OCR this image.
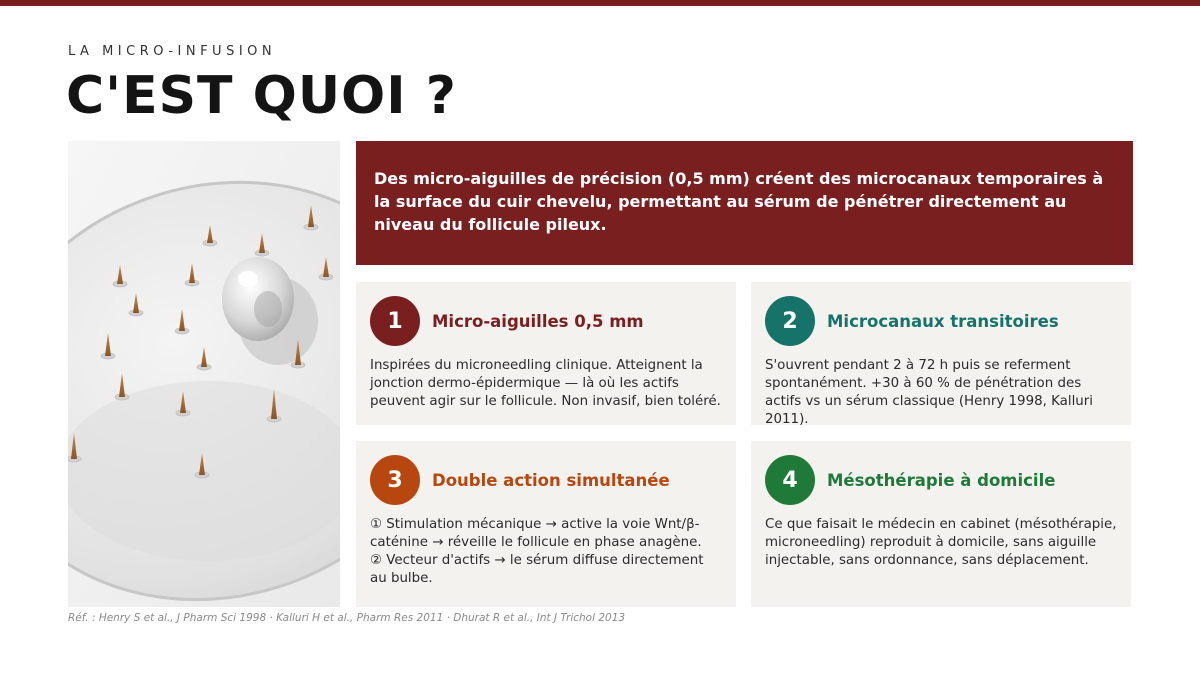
LA MICRO-INFUSION
C'EST QUOI ?
Des micro-aiguilles de précision (0,5 mm) créent des microcanaux temporaires à la surface du cuir chevelu, permettant au sérum de pénétrer directement au niveau du follicule pileux.
1	Micro-aiguilles 0,5 mm

Inspirées du microneedling clinique. Atteignent la jonction dermo-épidermique — là où les actifs peuvent agir sur le follicule. Non invasif, bien toléré.

2	Microcanaux transitoires

S'ouvrent pendant 2 à 72 h puis se referment spontanément. +30 à 60 % de pénétration des actifs vs un sérum classique (Henry 1998, Kalluri 2011).

3	Double action simultanée

① Stimulation mécanique → active la voie Wnt/β-caténine → réveille le follicule en phase anagène.

② Vecteur d'actifs → le sérum diffuse directement au bulbe.

4	Mésothérapie à domicile

Ce que faisait le médecin en cabinet (mésothérapie, microneedling) reproduit à domicile, sans aiguille injectable, sans ordonnance, sans déplacement.

Réf. : Henry S et al., J Pharm Sci 1998 · Kalluri H et al., Pharm Res 2011 · Dhurat R et al., Int J Trichol 2013
